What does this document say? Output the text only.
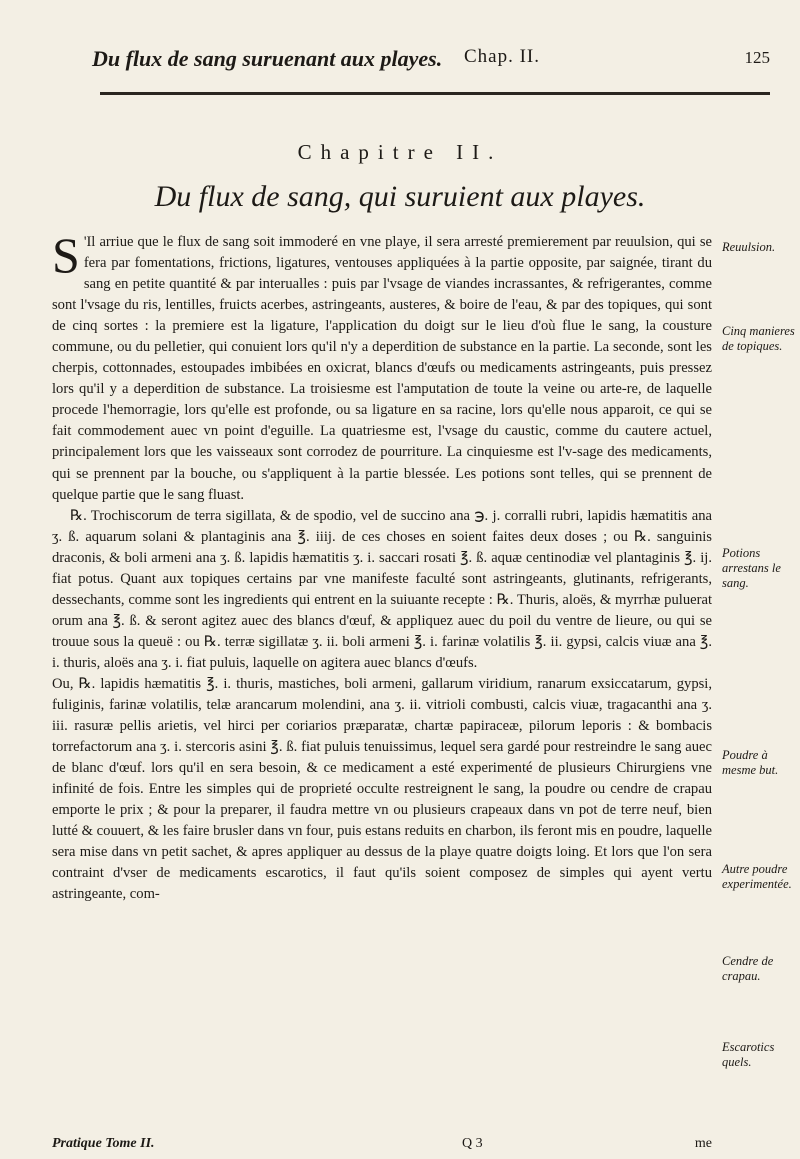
Du flux de sang suruenant aux playes. Chap. II.	125
Chapitre II.
Du flux de sang, qui suruient aux playes.

S 'Il arriue que le flux de sang soit immoderé en vne playe, il sera arresté premierement par reuulsion, qui se fera par fomentations, frictions, ligatures, ventouses appliquées à la partie opposite, par saignée, tirant du sang en petite quantité & par interualles : puis par l'vsage de viandes incrassantes, & refrigerantes, comme sont l'vsage du ris, lentilles, fruicts acerbes, astringeants, austeres, & boire de l'eau, & par des topiques, qui sont de cinq sortes : la premiere est la ligature, l'application du doigt sur le lieu d'où flue le sang, la cousture commune, ou du pelletier, qui conuient lors qu'il n'y a deperdition de substance en la partie. La seconde, sont les cherpis, cottonnades, estoupades imbibées en oxicrat, blancs d'œufs ou medicaments astringeants, puis pressez lors qu'il y a deperdition de substance. La troisiesme est l'amputation de toute la veine ou arte-re, de laquelle procede l'hemorragie, lors qu'elle est profonde, ou sa ligature en sa racine, lors qu'elle nous apparoit, ce qui se fait commodement auec vn point d'eguille. La quatriesme est, l'vsage du caustic, comme du cautere actuel, principalement lors que les vaisseaux sont corrodez de pourriture. La cinquiesme est l'v-sage des medicaments, qui se prennent par la bouche, ou s'appliquent à la partie blessée. Les potions sont telles, qui se prennent de quelque partie que le sang fluast.

℞. Trochiscorum de terra sigillata, & de spodio, vel de succino ana ℈. j. corralli rubri, lapidis hæmatitis ana ʒ. ß. aquarum solani & plantaginis ana ℥. iiij. de ces choses en soient faites deux doses ; ou ℞. sanguinis draconis, & boli armeni ana ʒ. ß. lapidis hæmatitis ʒ. i. saccari rosati ℥. ß. aquæ centinodiæ vel plantaginis ℥. ij. fiat potus. Quant aux topiques certains par vne manifeste faculté sont astringeants, glutinants, refrigerants, dessechants, comme sont les ingredients qui entrent en la suiuante recepte : ℞. Thuris, aloës, & myrrhæ puluerat orum ana ℥. ß. & seront agitez auec des blancs d'œuf, & appliquez auec du poil du ventre de lieure, ou qui se trouue sous la queuë : ou ℞. terræ sigillatæ ʒ. ii. boli armeni ℥. i. farinæ volatilis ℥. ii. gypsi, calcis viuæ ana ℥. i. thuris, aloës ana ʒ. i. fiat puluis, laquelle on agitera auec blancs d'œufs.

Ou, ℞. lapidis hæmatitis ℥. i. thuris, mastiches, boli armeni, gallarum viridium, ranarum exsiccatarum, gypsi, fuliginis, farinæ volatilis, telæ arancarum molendini, ana ʒ. ii. vitrioli combusti, calcis viuæ, tragacanthi ana ʒ. iii. rasuræ pellis arietis, vel hirci per coriarios præparatæ, chartæ papiraceæ, pilorum leporis : & bombacis torrefactorum ana ʒ. i. stercoris asini ℥. ß. fiat puluis tenuissimus, lequel sera gardé pour restreindre le sang auec de blanc d'œuf. lors qu'il en sera besoin, & ce medicament a esté experimenté de plusieurs Chirurgiens vne infinité de fois. Entre les simples qui de proprieté occulte restreignent le sang, la poudre ou cendre de crapau emporte le prix ; & pour la preparer, il faudra mettre vn ou plusieurs crapeaux dans vn pot de terre neuf, bien lutté & couuert, & les faire brusler dans vn four, puis estans reduits en charbon, ils feront mis en poudre, laquelle sera mise dans vn petit sachet, & apres appliquer au dessus de la playe quatre doigts loing. Et lors que l'on sera contraint d'vser de medicaments escarotics, il faut qu'ils soient composez de simples qui ayent vertu astringeante, com-

Reuulsion.
Cinq manieres de topiques.
Potions arrestans le sang.
Poudre à mesme but.
Autre poudre experimentée.
Cendre de crapau.
Escarotics quels.
Pratique Tome II.	Q 3	me
